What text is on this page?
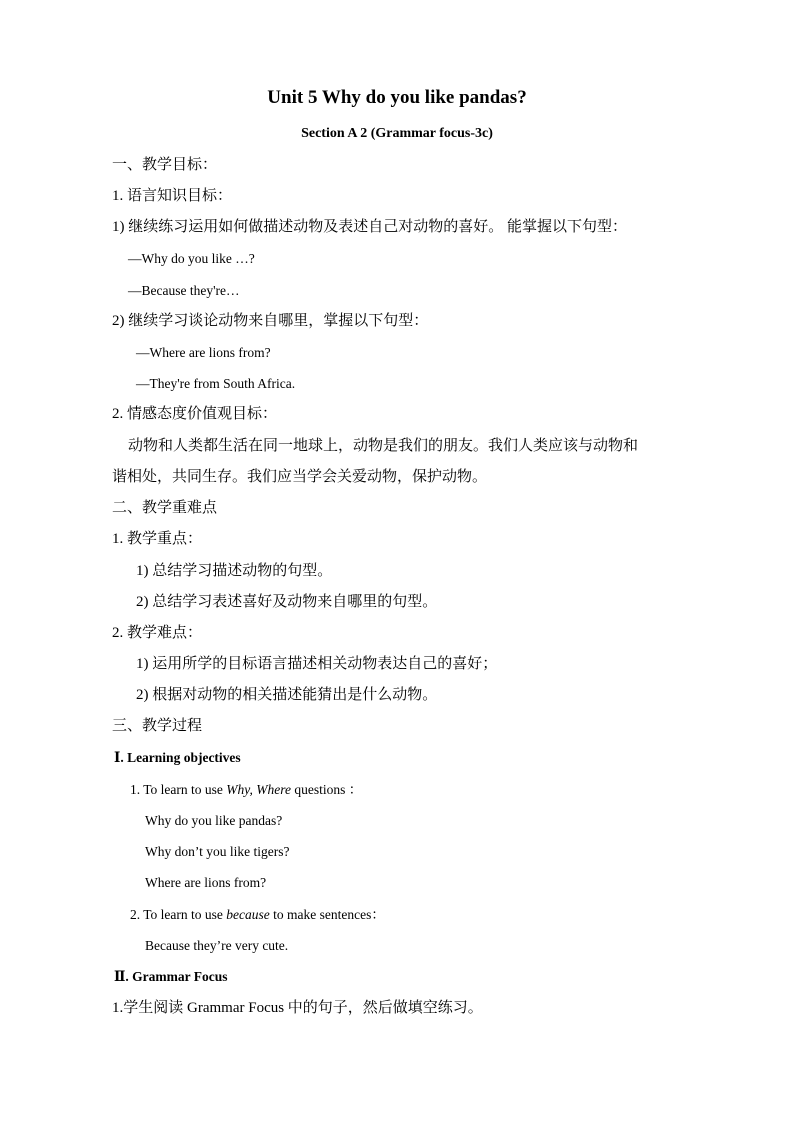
Unit 5 Why do you like pandas?
Section A 2 (Grammar focus-3c)
一、教学目标：
1. 语言知识目标：
1) 继续练习运用如何做描述动物及表述自己对动物的喜好。 能掌握以下句型：
—Why do you like …?
—Because they're…
2) 继续学习谈论动物来自哪里，掌握以下句型：
—Where are lions from?
—They're from South Africa.
2. 情感态度价值观目标：
动物和人类都生活在同一地球上，动物是我们的朋友。我们人类应该与动物和
谐相处，共同生存。我们应当学会关爱动物，保护动物。
二、教学重难点
1. 教学重点：
1) 总结学习描述动物的句型。
2) 总结学习表述喜好及动物来自哪里的句型。
2. 教学难点：
1) 运用所学的目标语言描述相关动物表达自己的喜好；
2) 根据对动物的相关描述能猜出是什么动物。
三、教学过程
Ⅰ. Learning objectives
1. To learn to use Why, Where questions ：
Why do you like pandas?
Why don’t you like tigers?
Where are lions from?
2. To learn to use because to make sentences：
Because they’re very cute.
Ⅱ. Grammar Focus
1.学生阅读 Grammar Focus 中的句子，然后做填空练习。
